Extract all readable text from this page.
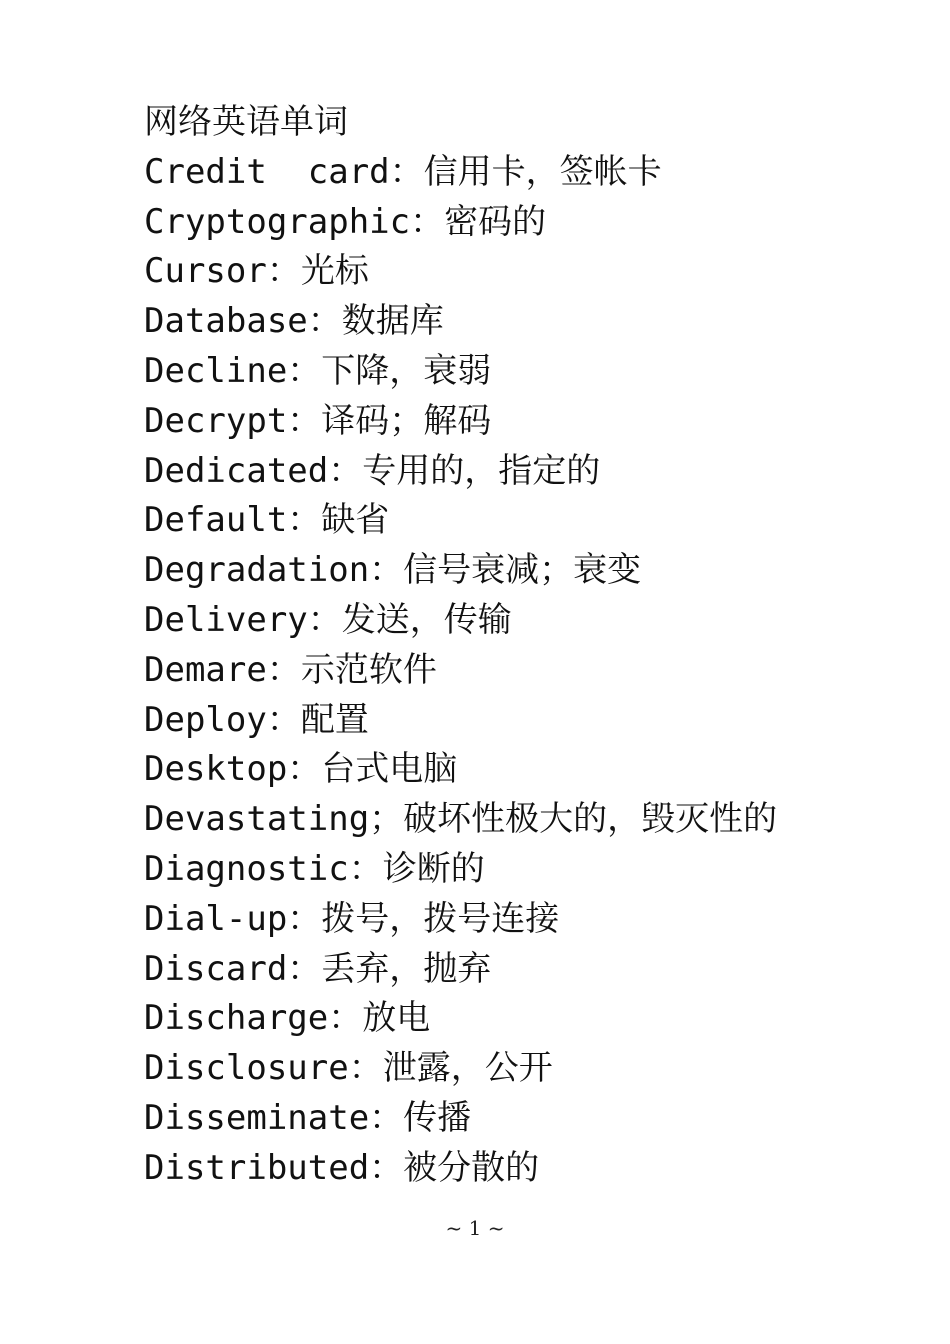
网络英语单词
Credit  card：信用卡，签帐卡
Cryptographic：密码的
Cursor：光标
Database：数据库
Decline：下降，衰弱
Decrypt：译码；解码
Dedicated：专用的，指定的
Default：缺省
Degradation：信号衰减；衰变
Delivery：发送，传输
Demare：示范软件
Deploy：配置
Desktop：台式电脑
Devastating；破坏性极大的，毁灭性的
Diagnostic：诊断的
Dial-up：拨号，拨号连接
Discard：丢弃，抛弃
Discharge：放电
Disclosure：泄露，公开
Disseminate：传播
Distributed：被分散的
~ 1 ~
